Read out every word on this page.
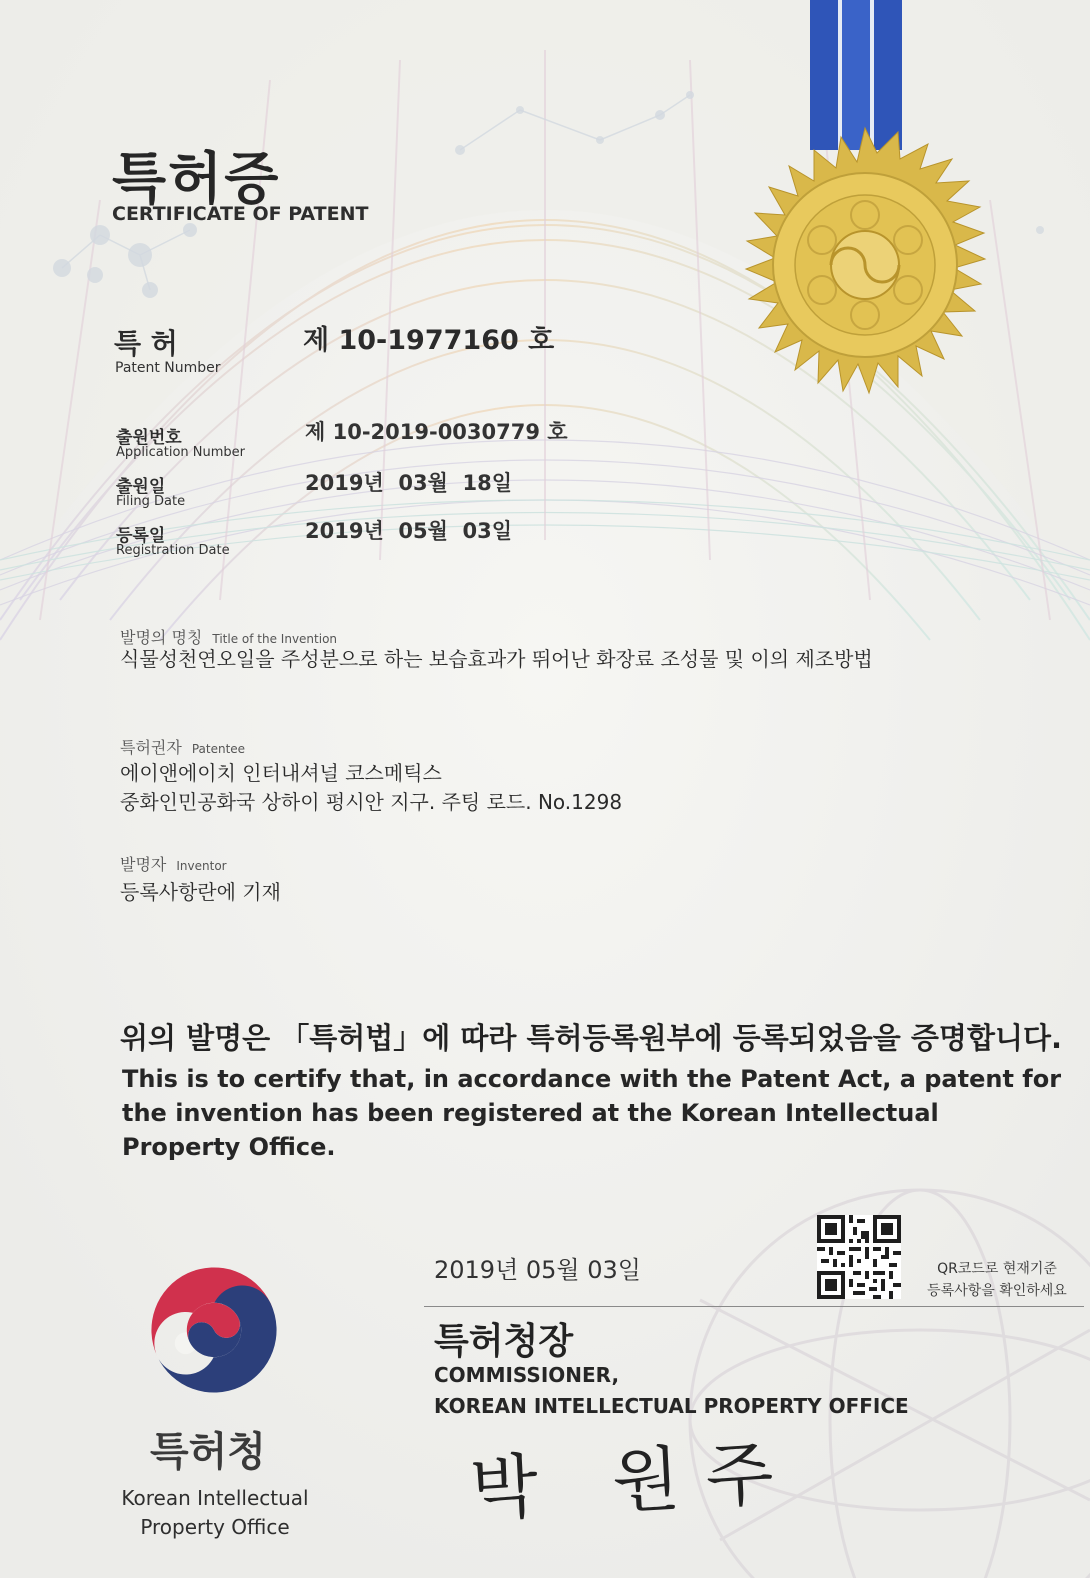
특허증
CERTIFICATE OF PATENT
특 허
Patent Number
제 10-1977160 호
출원번호
Application Number
제 10-2019-0030779 호
출원일
Filing Date
2019년  03월  18일
등록일
Registration Date
2019년  05월  03일
발명의 명칭 Title of the Invention
식물성천연오일을 주성분으로 하는 보습효과가 뛰어난 화장료 조성물 및 이의 제조방법
특허권자 Patentee
에이앤에이치 인터내셔널 코스메틱스
중화인민공화국 상하이 펑시안 지구. 주팅 로드. No.1298
발명자 Inventor
등록사항란에 기재
위의 발명은 「특허법」에 따라 특허등록원부에 등록되었음을 증명합니다.
This is to certify that, in accordance with the Patent Act, a patent for the invention has been registered at the Korean Intellectual Property Office.
QR코드로 현재기준
등록사항을 확인하세요
2019년 05월 03일
특허청장
COMMISSIONER,
KOREAN INTELLECTUAL PROPERTY OFFICE
박 원주
특허청
Korean Intellectual
Property Office
